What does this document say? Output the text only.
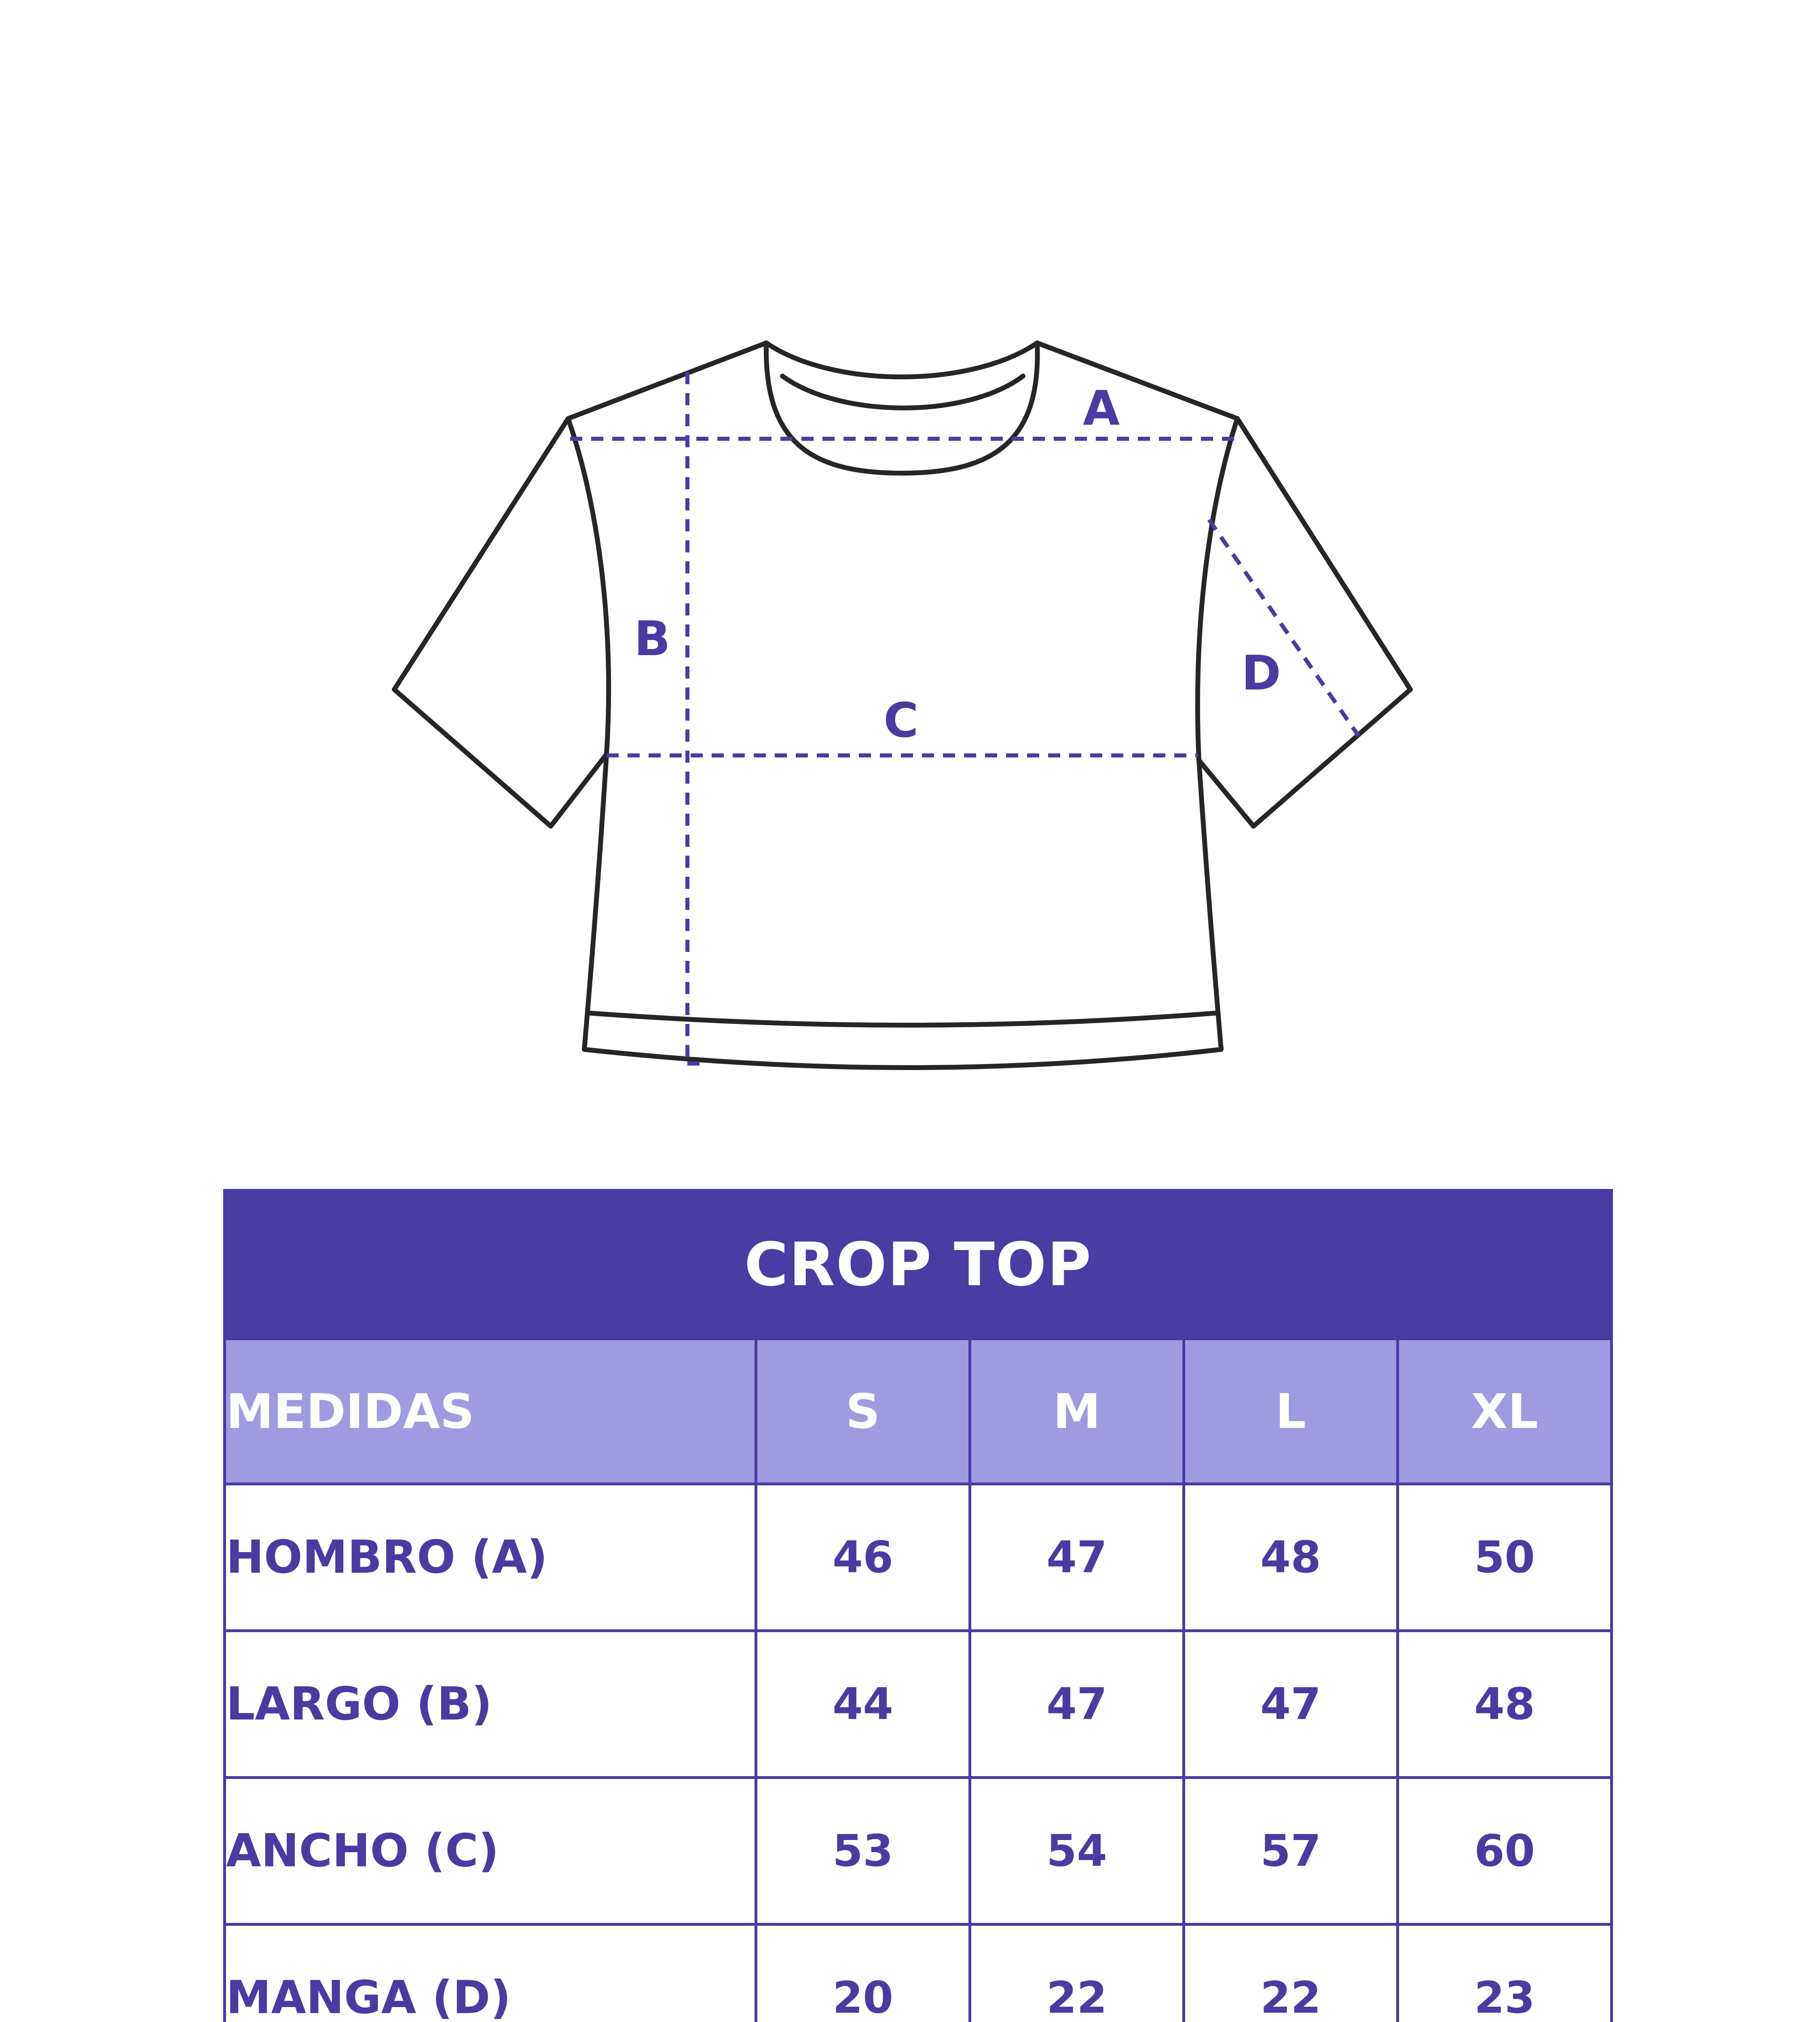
A
B
C
D
CROP TOP				
MEDIDAS	S	M	L	XL
HOMBRO (A)	46	47	48	50
LARGO (B)	44	47	47	48
ANCHO (C)	53	54	57	60
MANGA (D)	20	22	22	23
